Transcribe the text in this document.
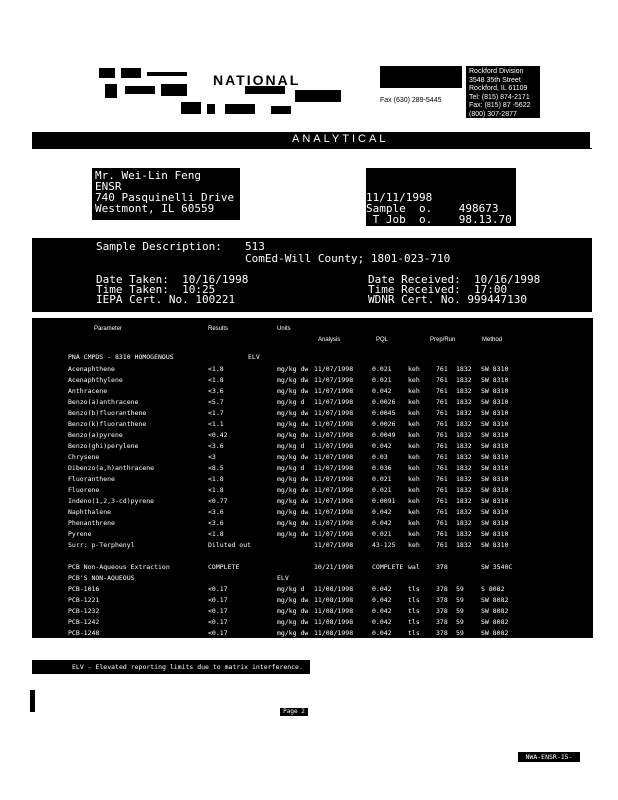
NATIONAL
Fax (630) 289-5445
Rockford Division
3548 35th Street
Rockford, IL 61109
Tel: (815) 874-2171
Fax: (815) 87 -5622
(800) 307-2877
ANALYTICAL
Mr. Wei-Lin Feng
ENSR
740 Pasquinelli Drive
Westmont, IL 60559

11/11/1998

Sample  o. 498673

T Job  o. 98.13.70

Sample Description: 513
ComEd-Will County; 1801-023-710
Date Taken:  10/16/1998
Time Taken:  10:25
IEPA Cert. No. 100221
Date Received:  10/16/1998
Time Received:  17:00
WDNR Cert. No. 999447130
Parameter	Results	Units
Analysis	PQL	Prep/Run	Method
PNA CMPDS - 8310 HOMOGENOUS	ELV
Acenaphthene	<1.8	mg/kg dw 11/07/1998	0.021	keh	761 1832 SW 8310
Acenaphthylene	<1.8	mg/kg dw 11/07/1998	0.021	keh	761 1832 SW 8310
Anthracene	<3.6	mg/kg dw 11/07/1998	0.042	keh	761 1832 SW 8310
Benzo(a)anthracene	<5.7	mg/kg d 11/07/1998	0.0026 keh	761 1832 SW 8310
Benzo(b)fluoranthene	<1.7	mg/kg dw 11/07/1998	0.0045 keh	761 1832 SW 8310
Benzo(k)fluoranthene	<1.1	mg/kg dw 11/07/1998	0.0026 keh	761 1832 SW 8310
Benzo(a)pyrene	<0.42	mg/kg dw 11/07/1998	0.0049 keh	761 1832 SW 8310
Benzo(ghi)perylene	<3.6	mg/kg d 11/07/1998	0.042	keh	761 1832 SW 8310
Chrysene	<3	mg/kg dw 11/07/1998	0.03	keh	761 1832 SW 8310
Dibenzo(a,h)anthracene	<8.5	mg/kg d 11/07/1998	0.036	keh	761 1832 SW 8310
Fluoranthene	<1.8	mg/kg dw 11/07/1998	0.021	keh	761 1832 SW 8310
Fluorene	<1.8	mg/kg dw 11/07/1998	0.021	keh	761 1832 SW 8310
Indeno(1,2,3-cd)pyrene	<0.77	mg/kg dw 11/07/1998	0.0091 keh	761 1832 SW 8310
Naphthalene	<3.6	mg/kg dw 11/07/1998	0.042	keh	761 1832 SW 8310
Phenanthrene	<3.6	mg/kg dw 11/07/1998	0.042	keh	761 1832 SW 8310
Pyrene	<1.8	mg/kg dw 11/07/1998	0.021	keh	761 1832 SW 8310
Surr: p-Terphenyl	Diluted out	11/07/1998	43-125 keh	761 1832 SW 8310
PCB Non-Aqueous Extraction	COMPLETE	10/21/1998	COMPLETE wal	378	SW 3540C
PCB'S NON-AQUEOUS	ELV
PCB-1016	<0.17	mg/kg d 11/08/1998	0.042	tls	378 59	S 8082
PCB-1221	<0.17	mg/kg dw 11/08/1998	0.042	tls	378 59	SW 8082
PCB-1232	<0.17	mg/kg dw 11/08/1998	0.042	tls	378 59	SW 8082
PCB-1242	<0.17	mg/kg dw 11/08/1998	0.042	tls	378 59	SW 8082
PCB-1248	<0.17	mg/kg dw 11/08/1998	0.042	tls	378 59	SW 8082
PCB-1254	<0.59	mg/kg dw 11/08/1998	0.042	tls	378 59	SW 8082
ELV - Elevated reporting limits due to matrix interference.
Page 2
NWA-ENSR-15-5814
